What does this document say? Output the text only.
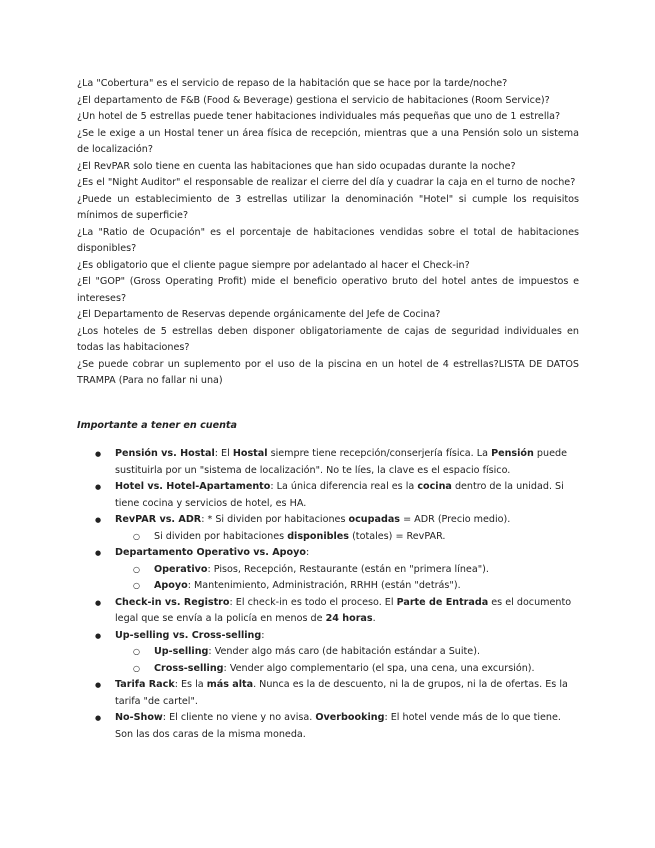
¿La "Cobertura" es el servicio de repaso de la habitación que se hace por la tarde/noche?
¿El departamento de F&B (Food & Beverage) gestiona el servicio de habitaciones (Room Service)?
¿Un hotel de 5 estrellas puede tener habitaciones individuales más pequeñas que uno de 1 estrella?
¿Se le exige a un Hostal tener un área física de recepción, mientras que a una Pensión solo un sistema de localización?
¿El RevPAR solo tiene en cuenta las habitaciones que han sido ocupadas durante la noche?
¿Es el "Night Auditor" el responsable de realizar el cierre del día y cuadrar la caja en el turno de noche?
¿Puede un establecimiento de 3 estrellas utilizar la denominación "Hotel" si cumple los requisitos mínimos de superficie?
¿La "Ratio de Ocupación" es el porcentaje de habitaciones vendidas sobre el total de habitaciones disponibles?
¿Es obligatorio que el cliente pague siempre por adelantado al hacer el Check-in?
¿El "GOP" (Gross Operating Profit) mide el beneficio operativo bruto del hotel antes de impuestos e intereses?
¿El Departamento de Reservas depende orgánicamente del Jefe de Cocina?
¿Los hoteles de 5 estrellas deben disponer obligatoriamente de cajas de seguridad individuales en todas las habitaciones?
¿Se puede cobrar un suplemento por el uso de la piscina en un hotel de 4 estrellas?LISTA DE DATOS TRAMPA (Para no fallar ni una)

Importante a tener en cuenta

● Pensión vs. Hostal: El Hostal siempre tiene recepción/conserjería física. La Pensión puede sustituirla por un "sistema de localización". No te líes, la clave es el espacio físico.
● Hotel vs. Hotel-Apartamento: La única diferencia real es la cocina dentro de la unidad. Si tiene cocina y servicios de hotel, es HA.
● RevPAR vs. ADR: * Si dividen por habitaciones ocupadas = ADR (Precio medio).
○ Si dividen por habitaciones disponibles (totales) = RevPAR.
● Departamento Operativo vs. Apoyo:
○ Operativo: Pisos, Recepción, Restaurante (están en "primera línea").
○ Apoyo: Mantenimiento, Administración, RRHH (están "detrás").
● Check-in vs. Registro: El check-in es todo el proceso. El Parte de Entrada es el documento legal que se envía a la policía en menos de 24 horas.
● Up-selling vs. Cross-selling:
○ Up-selling: Vender algo más caro (de habitación estándar a Suite).
○ Cross-selling: Vender algo complementario (el spa, una cena, una excursión).
● Tarifa Rack: Es la más alta. Nunca es la de descuento, ni la de grupos, ni la de ofertas. Es la tarifa "de cartel".
● No-Show: El cliente no viene y no avisa. Overbooking: El hotel vende más de lo que tiene. Son las dos caras de la misma moneda.
